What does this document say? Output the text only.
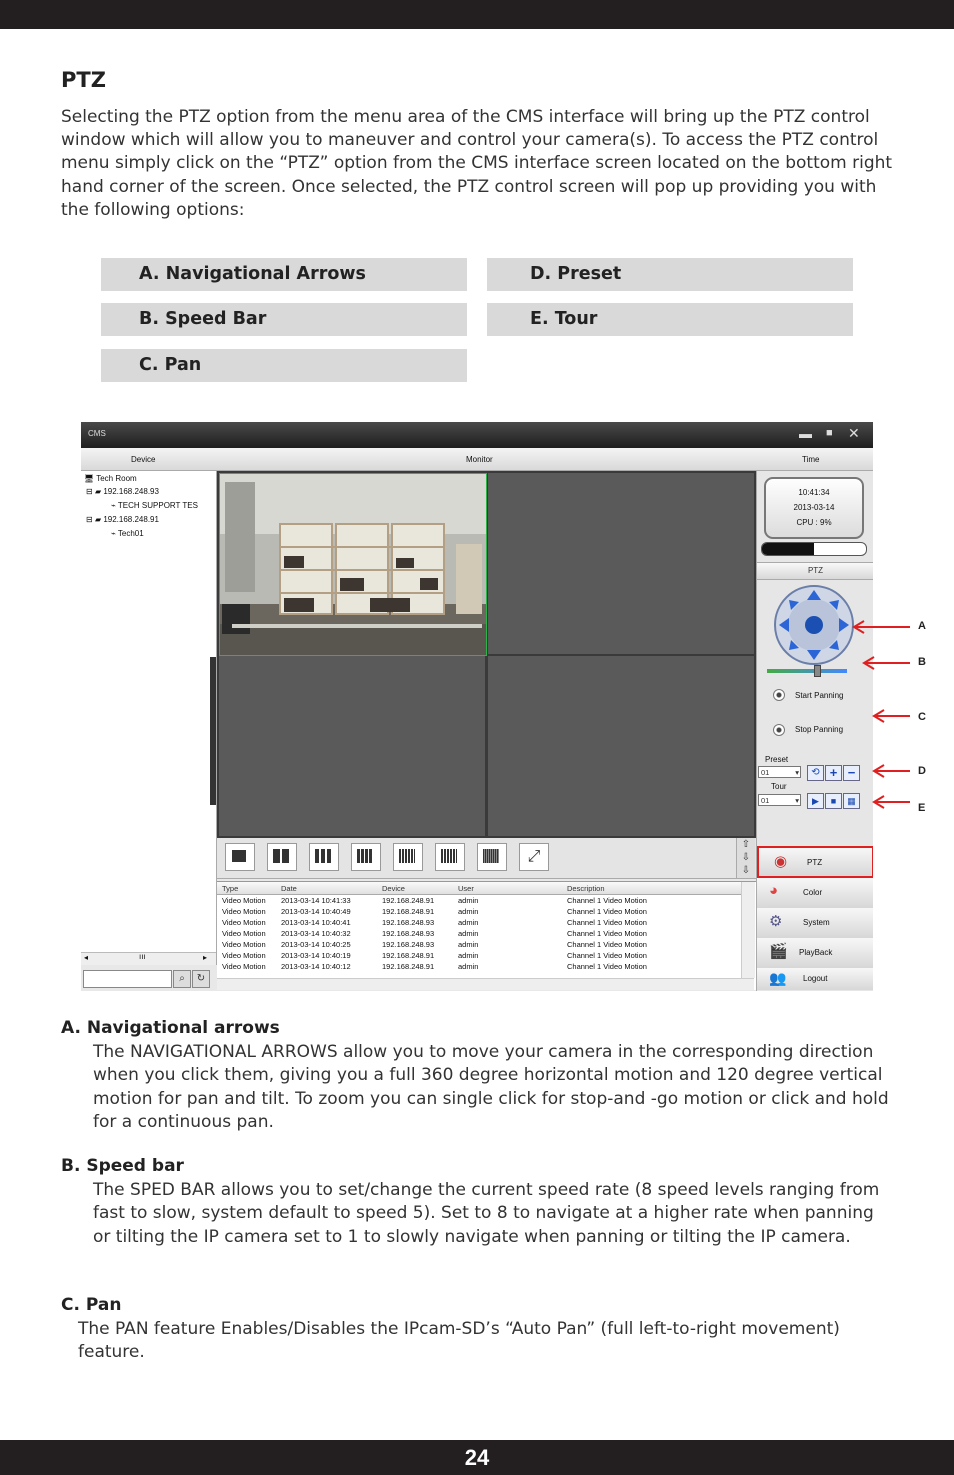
PTZ
Selecting the PTZ option from the menu area of the CMS interface will bring up the PTZ control window which will allow you to maneuver and control your camera(s). To access the PTZ control menu simply click on the “PTZ” option from the CMS interface screen located on the bottom right hand corner of the screen. Once selected, the PTZ control screen will pop up providing you with the following options:
A. Navigational Arrows
B. Speed Bar
C. Pan
D. Preset
E. Tour
CMS	▬ ■ ✕
Device	Monitor	Time
🖥 Tech Room
⊟ ▰ 192.168.248.93
⌁ TECH SUPPORT TES
⊟ ▰ 192.168.248.91
⌁ Tech01
◂	ııı	▸
⌕	↻
⤢
⇧
⇩
⇩
Type	Date	Device	User	Description
Video Motion 2013-03-14 10:41:33	192.168.248.91	admin	Channel 1 Video Motion
Video Motion 2013-03-14 10:40:49	192.168.248.91	admin	Channel 1 Video Motion
Video Motion 2013-03-14 10:40:41	192.168.248.93	admin	Channel 1 Video Motion
Video Motion 2013-03-14 10:40:32	192.168.248.93	admin	Channel 1 Video Motion
Video Motion 2013-03-14 10:40:25	192.168.248.93	admin	Channel 1 Video Motion
Video Motion 2013-03-14 10:40:19	192.168.248.91	admin	Channel 1 Video Motion
Video Motion 2013-03-14 10:40:12	192.168.248.91	admin	Channel 1 Video Motion
10:41:34
2013-03-14
CPU : 9%
PTZ
Start Panning
Stop Panning
Preset
01	▾	⟲ + −
Tour
01	▾	▶	■	▦
◉ PTZ
◕	Color
⚙	System
🎬 PlayBack
👥 Logout
A
B
C
D
E
A. Navigational arrows
The NAVIGATIONAL ARROWS allow you to move your camera in the corresponding direction when you click them, giving you a full 360 degree horizontal motion and 120 degree vertical motion for pan and tilt. To zoom you can single click for stop-and -go motion or click and hold for a continuous pan.
B. Speed bar
The SPED BAR allows you to set/change the current speed rate (8 speed levels ranging from fast to slow, system default to speed 5). Set to 8 to navigate at a higher rate when panning or tilting the IP camera set to 1 to slowly navigate when panning or tilting the IP camera.
C. Pan
The PAN feature Enables/Disables the IPcam-SD’s “Auto Pan” (full left-to-right movement) feature.
24
